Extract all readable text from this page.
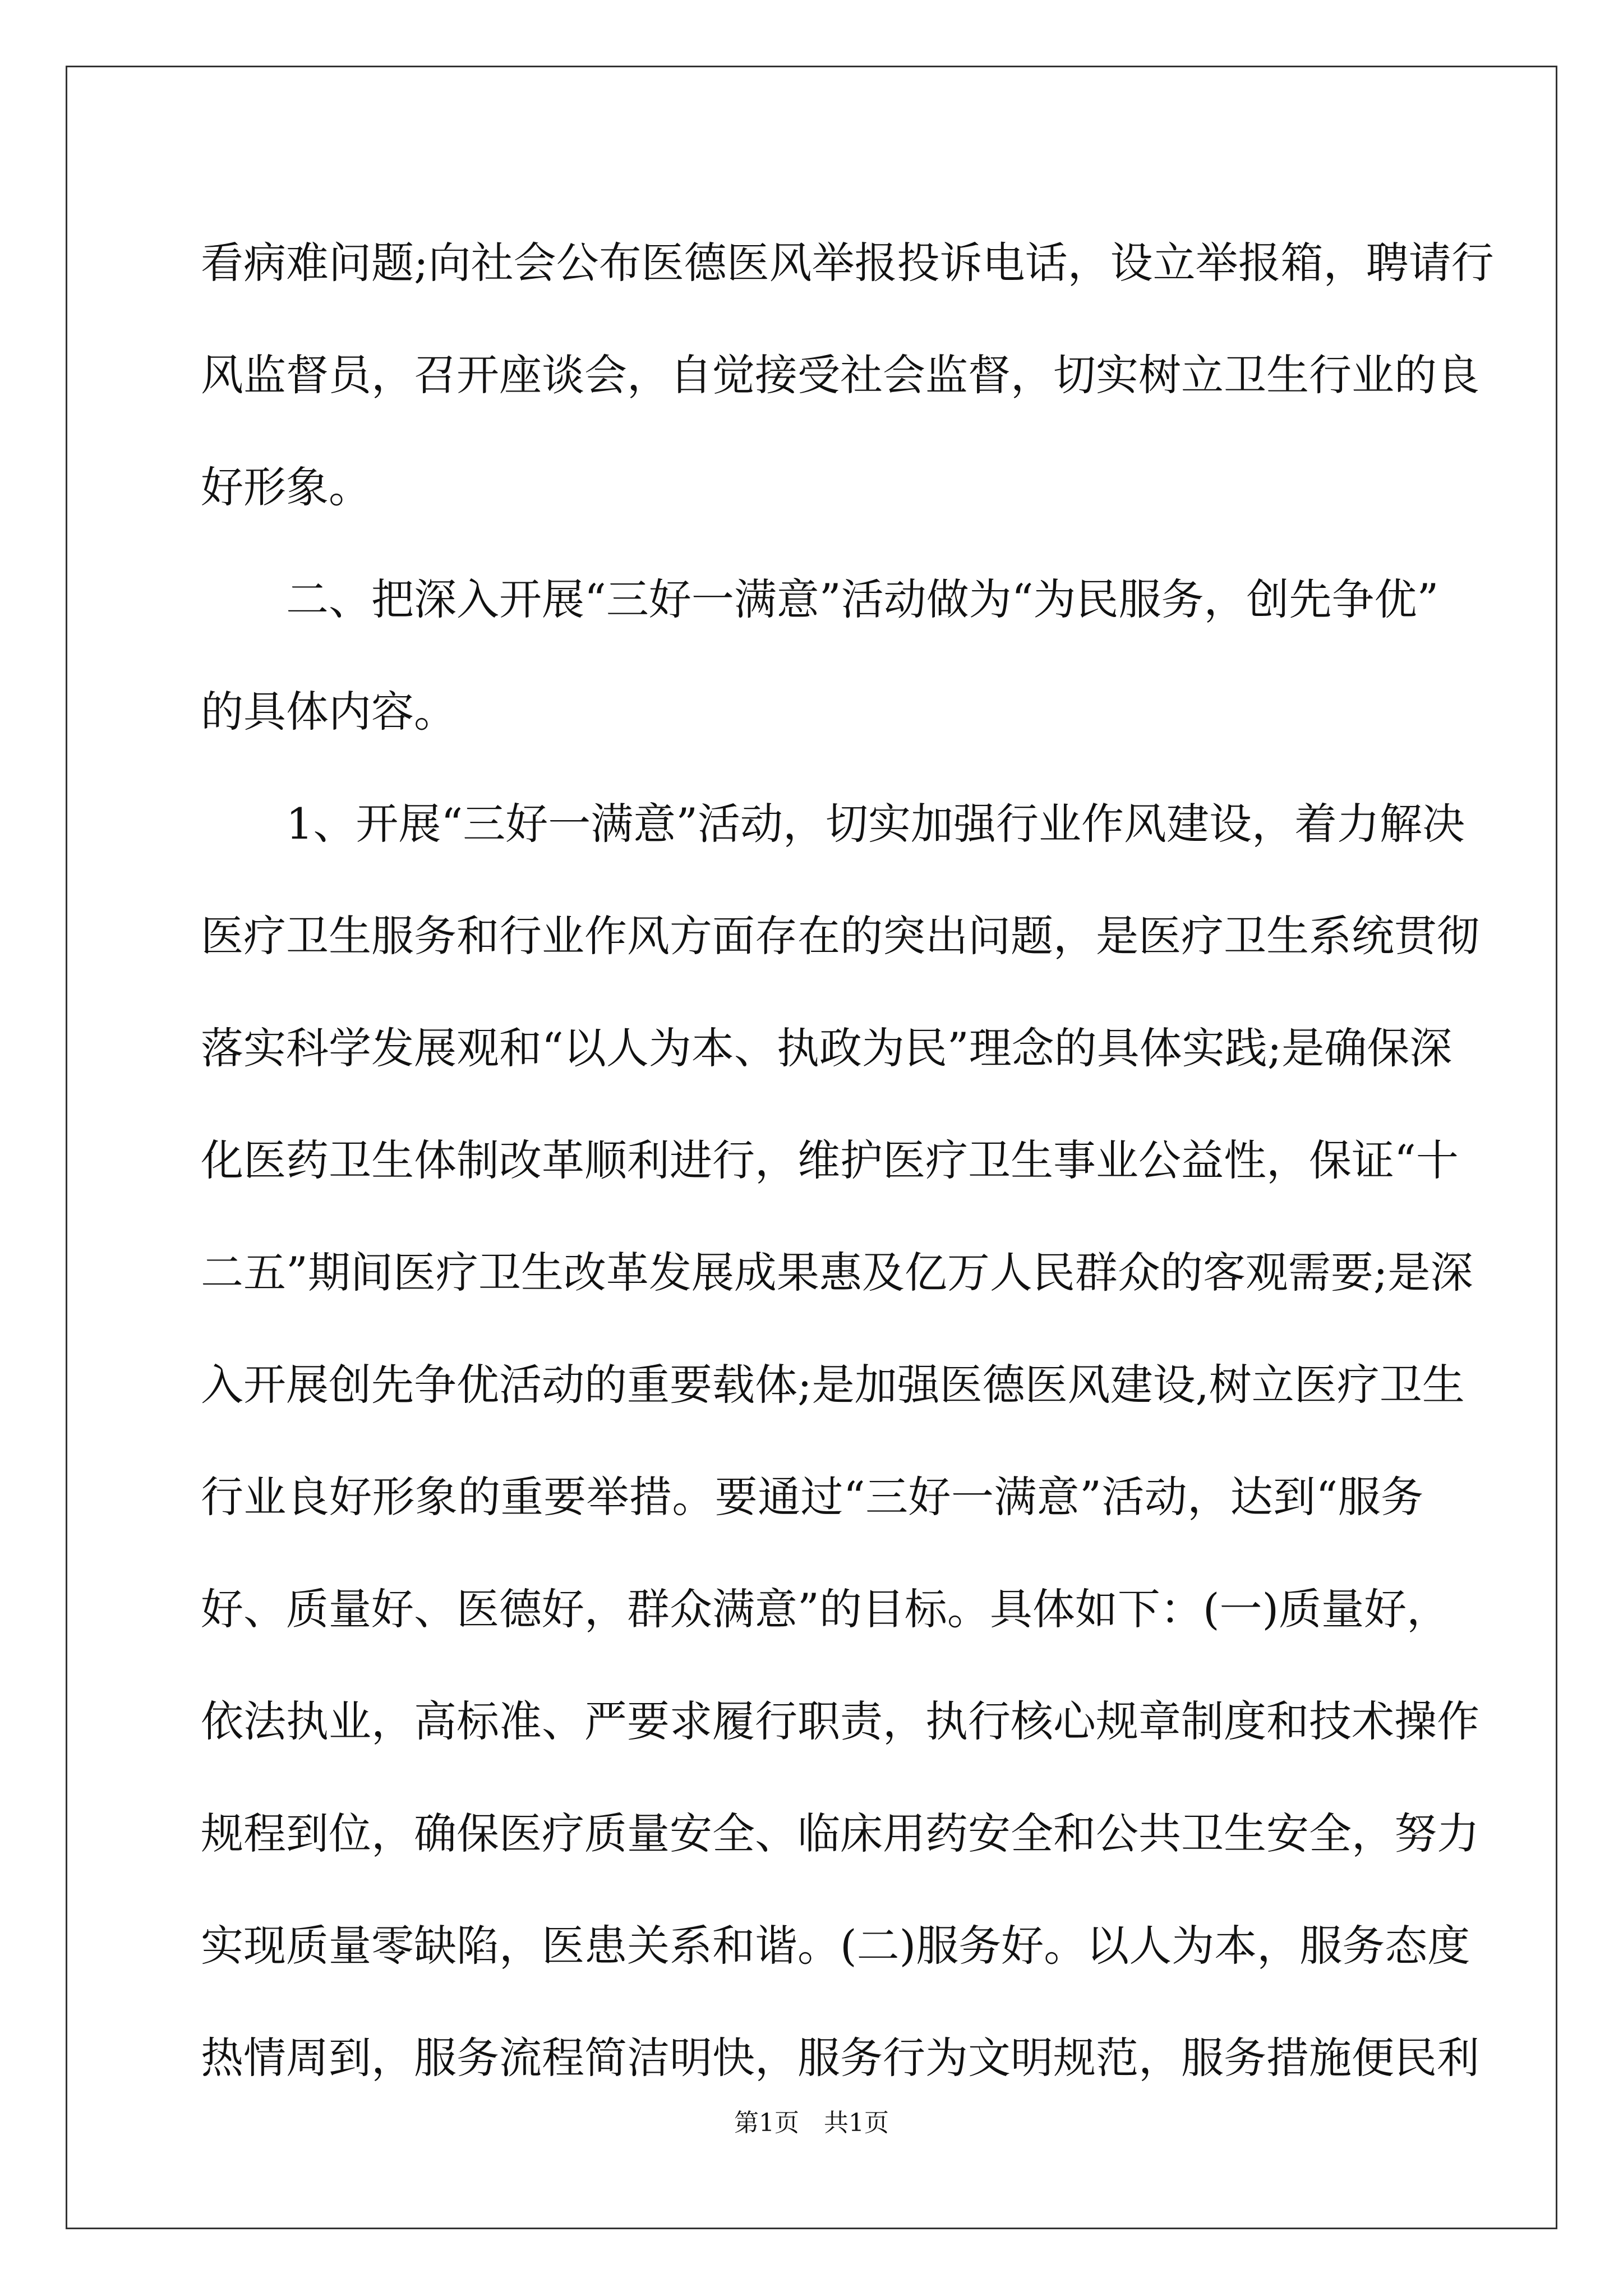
看病难问题;向社会公布医德医风举报投诉电话，设立举报箱，聘请行
风监督员，召开座谈会，自觉接受社会监督，切实树立卫生行业的良
好形象。
　　二、把深入开展“三好一满意”活动做为“为民服务，创先争优”
的具体内容。
　　1、开展“三好一满意”活动，切实加强行业作风建设，着力解决
医疗卫生服务和行业作风方面存在的突出问题，是医疗卫生系统贯彻
落实科学发展观和“以人为本、执政为民”理念的具体实践;是确保深
化医药卫生体制改革顺利进行，维护医疗卫生事业公益性，保证“十
二五”期间医疗卫生改革发展成果惠及亿万人民群众的客观需要;是深
入开展创先争优活动的重要载体;是加强医德医风建设,树立医疗卫生
行业良好形象的重要举措。要通过“三好一满意”活动，达到“服务
好、质量好、医德好，群众满意”的目标。具体如下：(一)质量好，
依法执业，高标准、严要求履行职责，执行核心规章制度和技术操作
规程到位，确保医疗质量安全、临床用药安全和公共卫生安全，努力
实现质量零缺陷，医患关系和谐。(二)服务好。以人为本，服务态度
热情周到，服务流程简洁明快，服务行为文明规范，服务措施便民利
第1页　共1页
